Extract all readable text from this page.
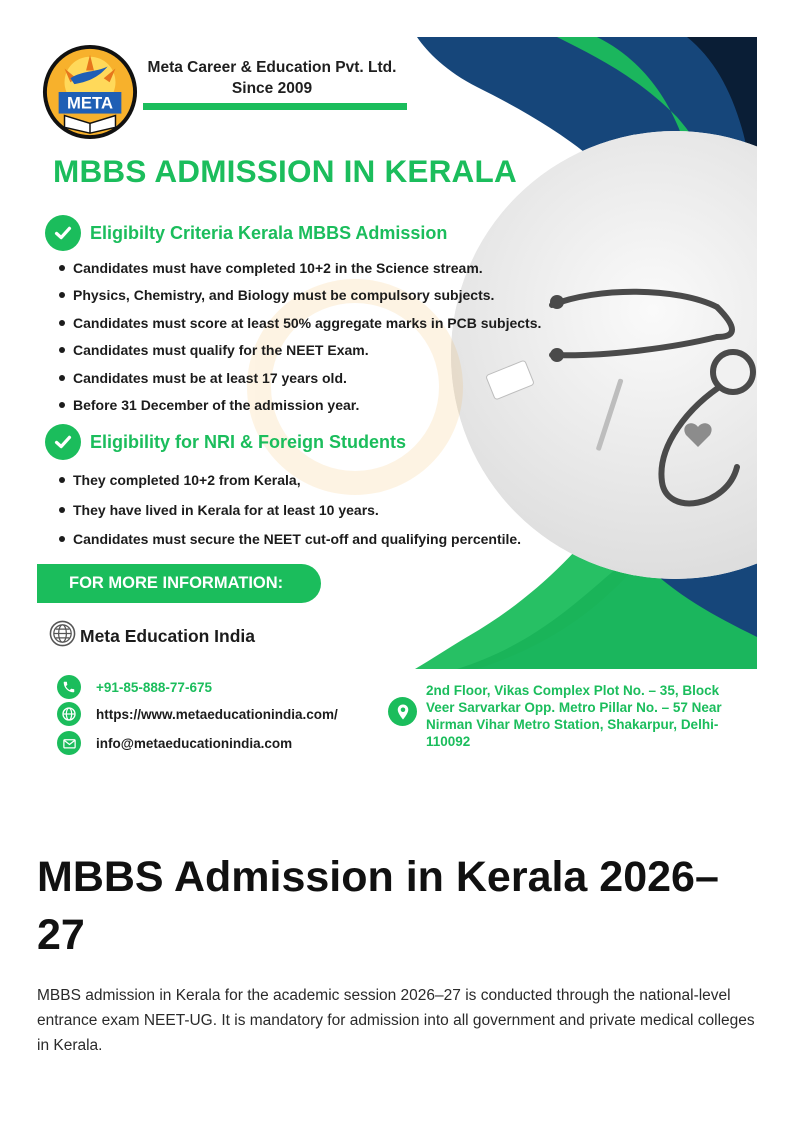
META
Meta Career & Education Pvt. Ltd.
Since 2009
MBBS ADMISSION IN KERALA
Eligibilty Criteria Kerala MBBS Admission
Candidates must have completed 10+2 in the Science stream.
Physics, Chemistry, and Biology must be compulsory subjects.
Candidates must score at least 50% aggregate marks in PCB subjects.
Candidates must qualify for the NEET Exam.
Candidates must be at least 17 years old.
Before 31 December of the admission year.
Eligibility for NRI & Foreign Students
They completed 10+2 from Kerala,
They have lived in Kerala for at least 10 years.
Candidates must secure the NEET cut-off and qualifying percentile.
FOR MORE INFORMATION:
Meta Education India
+91-85-888-77-675
https://www.metaeducationindia.com/
info@metaeducationindia.com
2nd Floor, Vikas Complex Plot No. – 35, Block Veer Sarvarkar Opp. Metro Pillar No. – 57 Near Nirman Vihar Metro Station, Shakarpur, Delhi-110092
MBBS Admission in Kerala 2026–27

MBBS admission in Kerala for the academic session 2026–27 is conducted through the national-level entrance exam NEET-UG. It is mandatory for admission into all government and private medical colleges in Kerala.
